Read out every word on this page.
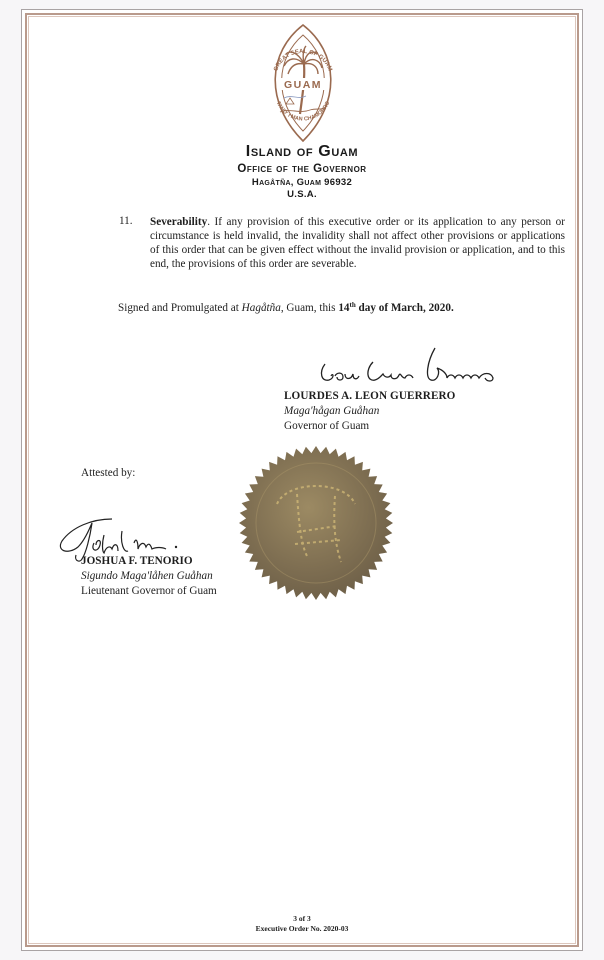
GREAT SEAL OF GUAM
GUAM
TANO' I MAN CHAMORRO
Island of Guam
Office of the Governor
Hagåtña, Guam 96932
U.S.A.
11. Severability. If any provision of this executive order or its application to any person or circumstance is held invalid, the invalidity shall not affect other provisions or applications of this order that can be given effect without the invalid provision or application, and to this end, the provisions of this order are severable.
Signed and Promulgated at Hagåtña, Guam, this 14th day of March, 2020.
LOURDES A. LEON GUERRERO
Maga'hågan Guåhan
Governor of Guam
Attested by:
JOSHUA F. TENORIO
Sigundo Maga'låhen Guåhan
Lieutenant Governor of Guam
3 of 3
Executive Order No. 2020-03
